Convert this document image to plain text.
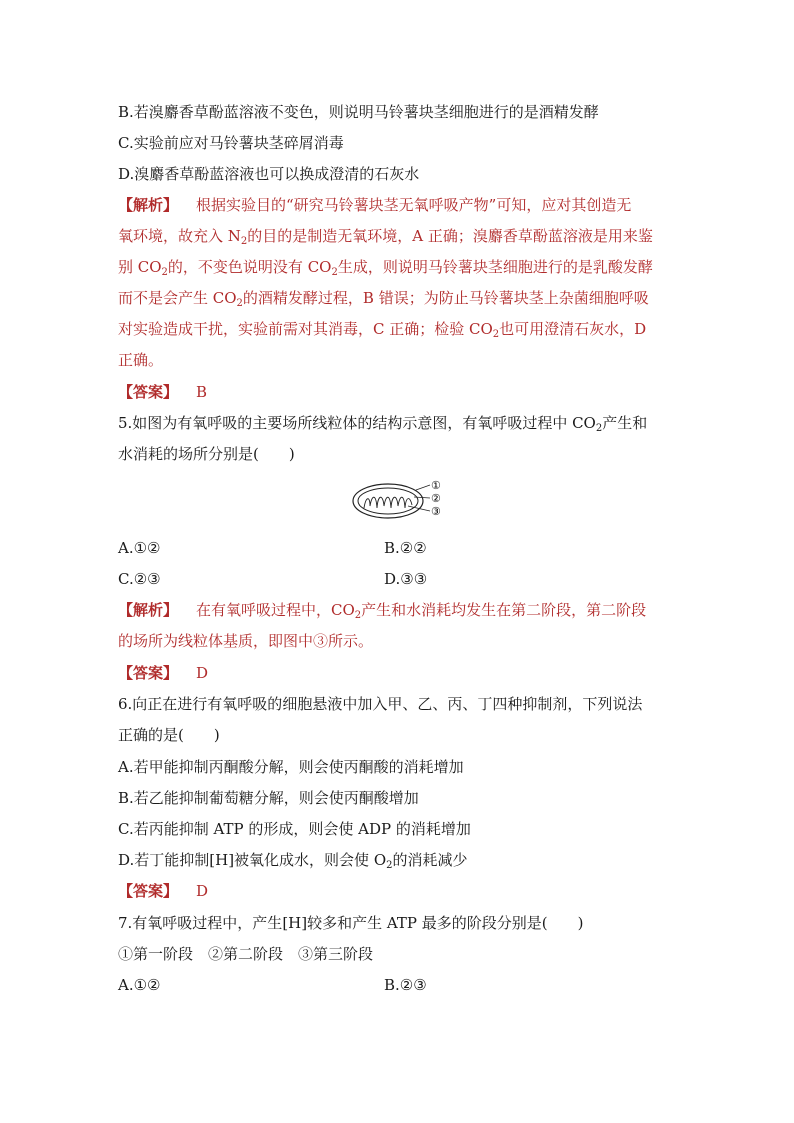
B.若溴麝香草酚蓝溶液不变色，则说明马铃薯块茎细胞进行的是酒精发酵
C.实验前应对马铃薯块茎碎屑消毒
D.溴麝香草酚蓝溶液也可以换成澄清的石灰水
【解析】 根据实验目的“研究马铃薯块茎无氧呼吸产物”可知，应对其创造无
氧环境，故充入 $N_2$的目的是制造无氧环境，A 正确；溴麝香草酚蓝溶液是用来鉴
别 $CO_2$的，不变色说明没有 $CO_2$生成，则说明马铃薯块茎细胞进行的是乳酸发酵
而不是会产生 $CO_2$的酒精发酵过程，B 错误；为防止马铃薯块茎上杂菌细胞呼吸
对实验造成干扰，实验前需对其消毒，C 正确；检验 $CO_2$也可用澄清石灰水，D
正确。
【答案】 B
5.如图为有氧呼吸的主要场所线粒体的结构示意图，有氧呼吸过程中 $CO_2$产生和
水消耗的场所分别是(　　)
①
②
③
A.①②	B.②②
C.②③	D.③③
【解析】 在有氧呼吸过程中，$CO_2$产生和水消耗均发生在第二阶段，第二阶段
的场所为线粒体基质，即图中③所示。
【答案】 D
6.向正在进行有氧呼吸的细胞悬液中加入甲、乙、丙、丁四种抑制剂，下列说法
正确的是(　　)
A.若甲能抑制丙酮酸分解，则会使丙酮酸的消耗增加
B.若乙能抑制葡萄糖分解，则会使丙酮酸增加
C.若丙能抑制 ATP 的形成，则会使 ADP 的消耗增加
D.若丁能抑制[H]被氧化成水，则会使 $O_2$的消耗减少
【答案】 D
7.有氧呼吸过程中，产生[H]较多和产生 ATP 最多的阶段分别是(　　)
①第一阶段　②第二阶段　③第三阶段
A.①②	B.②③
